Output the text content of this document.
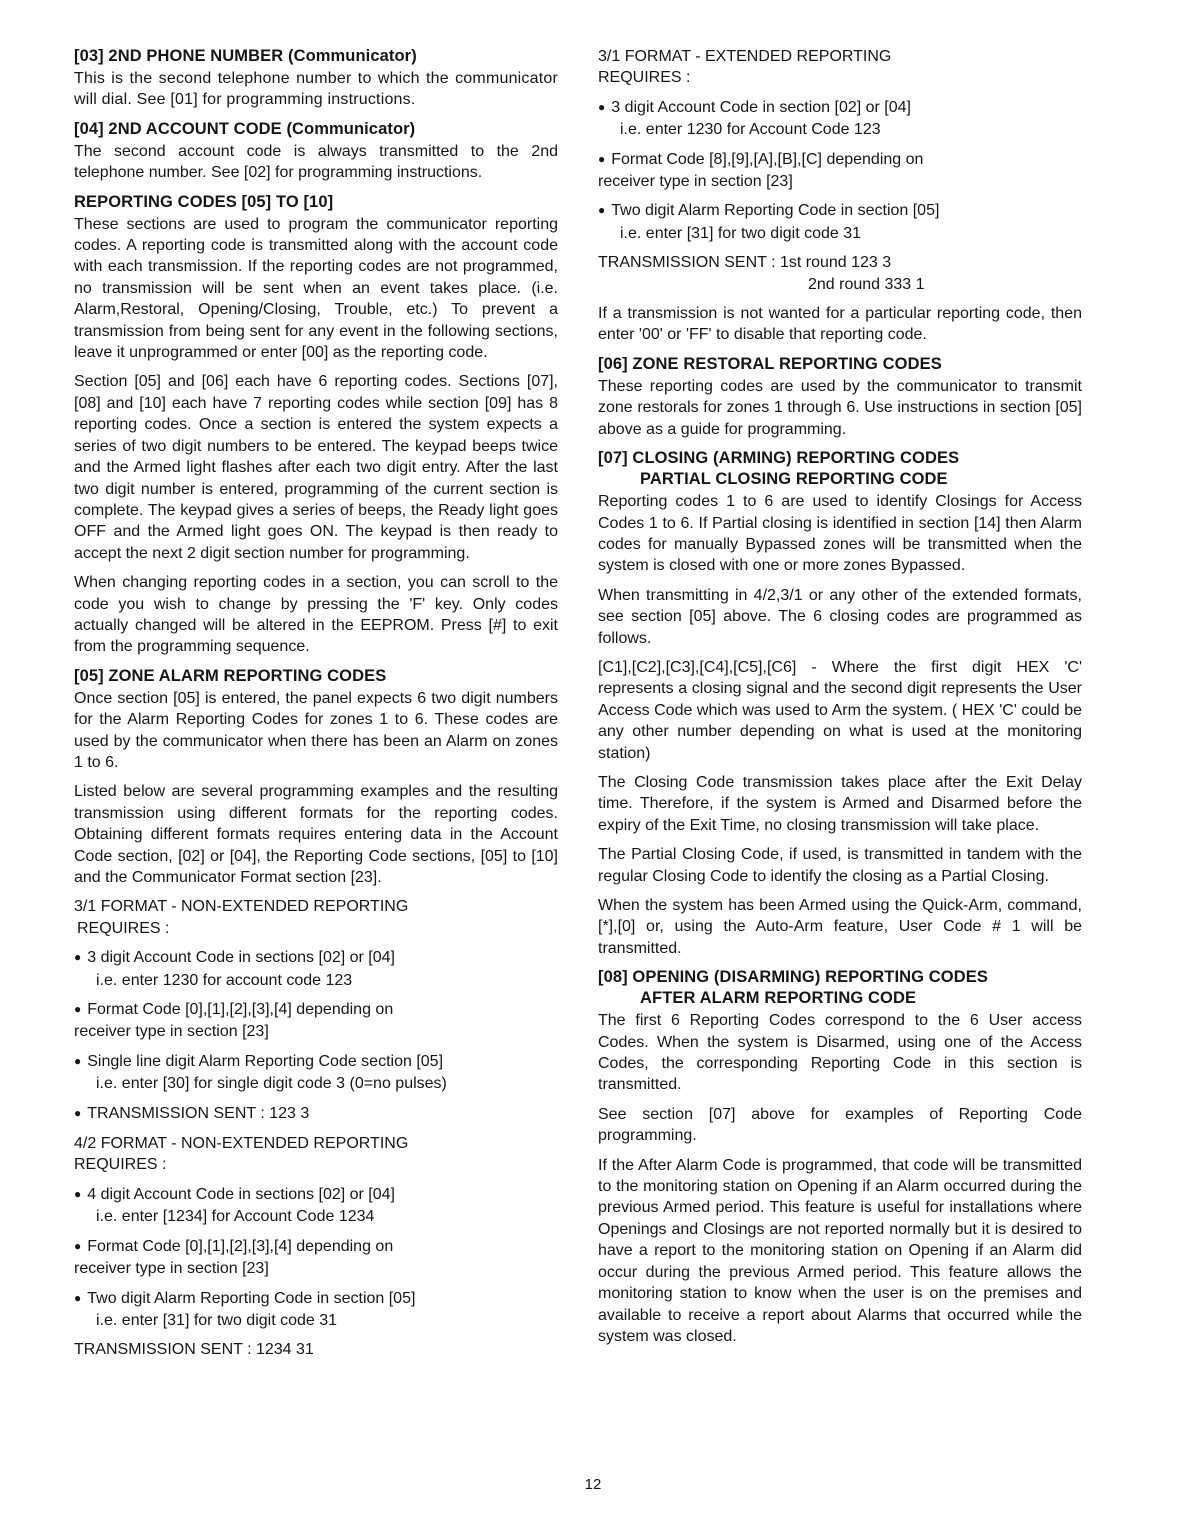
[03] 2ND PHONE NUMBER (Communicator)

This is the second telephone number to which the communicator will dial. See [01] for programming instructions.

[04] 2ND ACCOUNT CODE (Communicator)

The second account code is always transmitted to the 2nd telephone number. See [02] for programming instructions.

REPORTING CODES [05] TO [10]

These sections are used to program the communicator reporting codes. A reporting code is transmitted along with the account code with each transmission. If the reporting codes are not programmed, no transmission will be sent when an event takes place. (i.e. Alarm,Restoral, Opening/Closing, Trouble, etc.) To prevent a transmission from being sent for any event in the following sections, leave it unprogrammed or enter [00] as the reporting code.

Section [05] and [06] each have 6 reporting codes. Sections [07],[08] and [10] each have 7 reporting codes while section [09] has 8 reporting codes. Once a section is entered the system expects a series of two digit numbers to be entered. The keypad beeps twice and the Armed light flashes after each two digit entry. After the last two digit number is entered, programming of the current section is complete. The keypad gives a series of beeps, the Ready light goes OFF and the Armed light goes ON. The keypad is then ready to accept the next 2 digit section number for programming.

When changing reporting codes in a section, you can scroll to the code you wish to change by pressing the 'F' key. Only codes actually changed will be altered in the EEPROM. Press [#] to exit from the programming sequence.

[05] ZONE ALARM REPORTING CODES

Once section [05] is entered, the panel expects 6 two digit numbers for the Alarm Reporting Codes for zones 1 to 6. These codes are used by the communicator when there has been an Alarm on zones 1 to 6.

Listed below are several programming examples and the resulting transmission using different formats for the reporting codes. Obtaining different formats requires entering data in the Account Code section, [02] or [04], the Reporting Code sections, [05] to [10] and the Communicator Format section [23].

3/1 FORMAT - NON-EXTENDED REPORTING
REQUIRES :
● 3 digit Account Code in sections [02] or [04]
i.e. enter 1230 for account code 123
● Format Code [0],[1],[2],[3],[4] depending on
receiver type in section [23]
● Single line digit Alarm Reporting Code section [05]
i.e. enter [30] for single digit code 3 (0=no pulses)
● TRANSMISSION SENT : 123 3
4/2 FORMAT - NON-EXTENDED REPORTING
REQUIRES :
● 4 digit Account Code in sections [02] or [04]
i.e. enter [1234] for Account Code 1234
● Format Code [0],[1],[2],[3],[4] depending on
receiver type in section [23]
● Two digit Alarm Reporting Code in section [05]
i.e. enter [31] for two digit code 31
TRANSMISSION SENT : 1234 31
3/1 FORMAT - EXTENDED REPORTING
REQUIRES :
● 3 digit Account Code in section [02] or [04]
i.e. enter 1230 for Account Code 123
● Format Code [8],[9],[A],[B],[C] depending on
receiver type in section [23]
● Two digit Alarm Reporting Code in section [05]
i.e. enter [31] for two digit code 31
TRANSMISSION SENT : 1st round 123 3
2nd round 333 1

If a transmission is not wanted for a particular reporting code, then enter '00' or 'FF' to disable that reporting code.

[06] ZONE RESTORAL REPORTING CODES

These reporting codes are used by the communicator to transmit zone restorals for zones 1 through 6. Use instructions in section [05] above as a guide for programming.

[07] CLOSING (ARMING) REPORTING CODES
PARTIAL CLOSING REPORTING CODE

Reporting codes 1 to 6 are used to identify Closings for Access Codes 1 to 6. If Partial closing is identified in section [14] then Alarm codes for manually Bypassed zones will be transmitted when the system is closed with one or more zones Bypassed.

When transmitting in 4/2,3/1 or any other of the extended formats, see section [05] above. The 6 closing codes are programmed as follows.

[C1],[C2],[C3],[C4],[C5],[C6] - Where the first digit HEX 'C' represents a closing signal and the second digit represents the User Access Code which was used to Arm the system. ( HEX 'C' could be any other number depending on what is used at the monitoring station)

The Closing Code transmission takes place after the Exit Delay time. Therefore, if the system is Armed and Disarmed before the expiry of the Exit Time, no closing transmission will take place.

The Partial Closing Code, if used, is transmitted in tandem with the regular Closing Code to identify the closing as a Partial Closing.

When the system has been Armed using the Quick-Arm, command, [*],[0] or, using the Auto-Arm feature, User Code # 1 will be transmitted.

[08] OPENING (DISARMING) REPORTING CODES
AFTER ALARM REPORTING CODE

The first 6 Reporting Codes correspond to the 6 User access Codes. When the system is Disarmed, using one of the Access Codes, the corresponding Reporting Code in this section is transmitted.

See section [07] above for examples of Reporting Code programming.

If the After Alarm Code is programmed, that code will be transmitted to the monitoring station on Opening if an Alarm occurred during the previous Armed period. This feature is useful for installations where Openings and Closings are not reported normally but it is desired to have a report to the monitoring station on Opening if an Alarm did occur during the previous Armed period. This feature allows the monitoring station to know when the user is on the premises and available to receive a report about Alarms that occurred while the system was closed.

12
